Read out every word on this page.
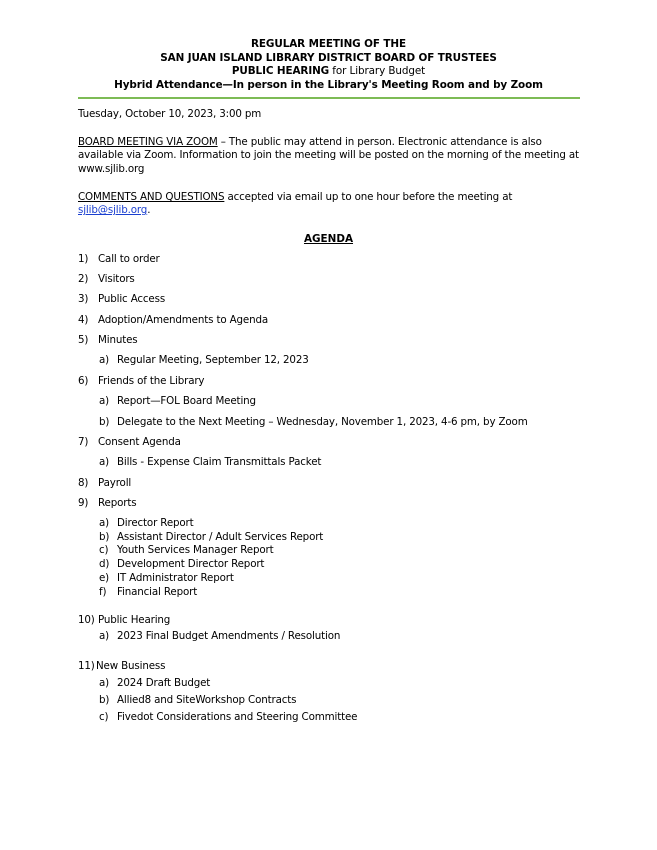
REGULAR MEETING OF THE
SAN JUAN ISLAND LIBRARY DISTRICT BOARD OF TRUSTEES
PUBLIC HEARING for Library Budget
Hybrid Attendance—In person in the Library's Meeting Room and by Zoom
Tuesday, October 10, 2023, 3:00 pm
BOARD MEETING VIA ZOOM – The public may attend in person. Electronic attendance is also available via Zoom. Information to join the meeting will be posted on the morning of the meeting at www.sjlib.org
COMMENTS AND QUESTIONS accepted via email up to one hour before the meeting at sjlib@sjlib.org.
AGENDA
1) Call to order
2) Visitors
3) Public Access
4) Adoption/Amendments to Agenda
5) Minutes
a) Regular Meeting, September 12, 2023
6) Friends of the Library
a) Report—FOL Board Meeting
b) Delegate to the Next Meeting – Wednesday, November 1, 2023, 4-6 pm, by Zoom
7) Consent Agenda
a) Bills - Expense Claim Transmittals Packet
8) Payroll
9) Reports
a) Director Report
b) Assistant Director / Adult Services Report
c) Youth Services Manager Report
d) Development Director Report
e) IT Administrator Report
f) Financial Report
10) Public Hearing
a) 2023 Final Budget Amendments / Resolution
11) New Business
a) 2024 Draft Budget
b) Allied8 and SiteWorkshop Contracts
c) Fivedot Considerations and Steering Committee
